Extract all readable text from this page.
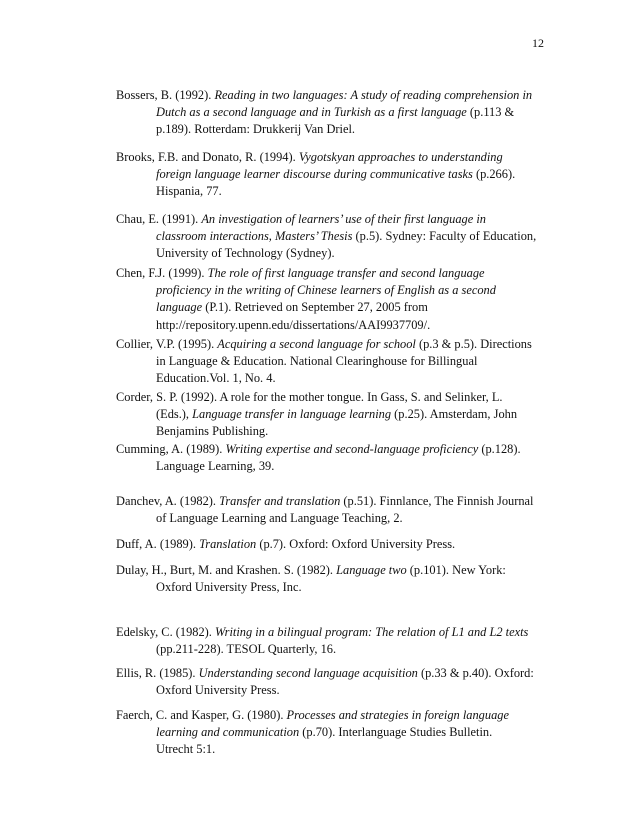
12
Bossers, B. (1992). Reading in two languages: A study of reading comprehension in
Dutch as a second language and in Turkish as a first language (p.113 &
p.189). Rotterdam: Drukkerij Van Driel.
Brooks, F.B. and Donato, R. (1994). Vygotskyan approaches to understanding
foreign language learner discourse during communicative tasks (p.266).
Hispania, 77.
Chau, E. (1991). An investigation of learners’ use of their first language in
classroom interactions, Masters’ Thesis (p.5). Sydney: Faculty of Education,
University of Technology (Sydney).
Chen, F.J. (1999). The role of first language transfer and second language
proficiency in the writing of Chinese learners of English as a second
language (P.1). Retrieved on September 27, 2005 from
http://repository.upenn.edu/dissertations/AAI9937709/.
Collier, V.P. (1995). Acquiring a second language for school (p.3 & p.5). Directions
in Language & Education. National Clearinghouse for Billingual
Education.Vol. 1, No. 4.
Corder, S. P. (1992). A role for the mother tongue. In Gass, S. and Selinker, L.
(Eds.), Language transfer in language learning (p.25). Amsterdam, John
Benjamins Publishing.
Cumming, A. (1989). Writing expertise and second-language proficiency (p.128).
Language Learning, 39.
Danchev, A. (1982). Transfer and translation (p.51). Finnlance, The Finnish Journal
of Language Learning and Language Teaching, 2.
Duff, A. (1989). Translation (p.7). Oxford: Oxford University Press.
Dulay, H., Burt, M. and Krashen. S. (1982). Language two (p.101). New York:
Oxford University Press, Inc.
Edelsky, C. (1982). Writing in a bilingual program: The relation of L1 and L2 texts
(pp.211-228). TESOL Quarterly, 16.
Ellis, R. (1985). Understanding second language acquisition (p.33 & p.40). Oxford:
Oxford University Press.
Faerch, C. and Kasper, G. (1980). Processes and strategies in foreign language
learning and communication (p.70). Interlanguage Studies Bulletin.
Utrecht 5:1.
